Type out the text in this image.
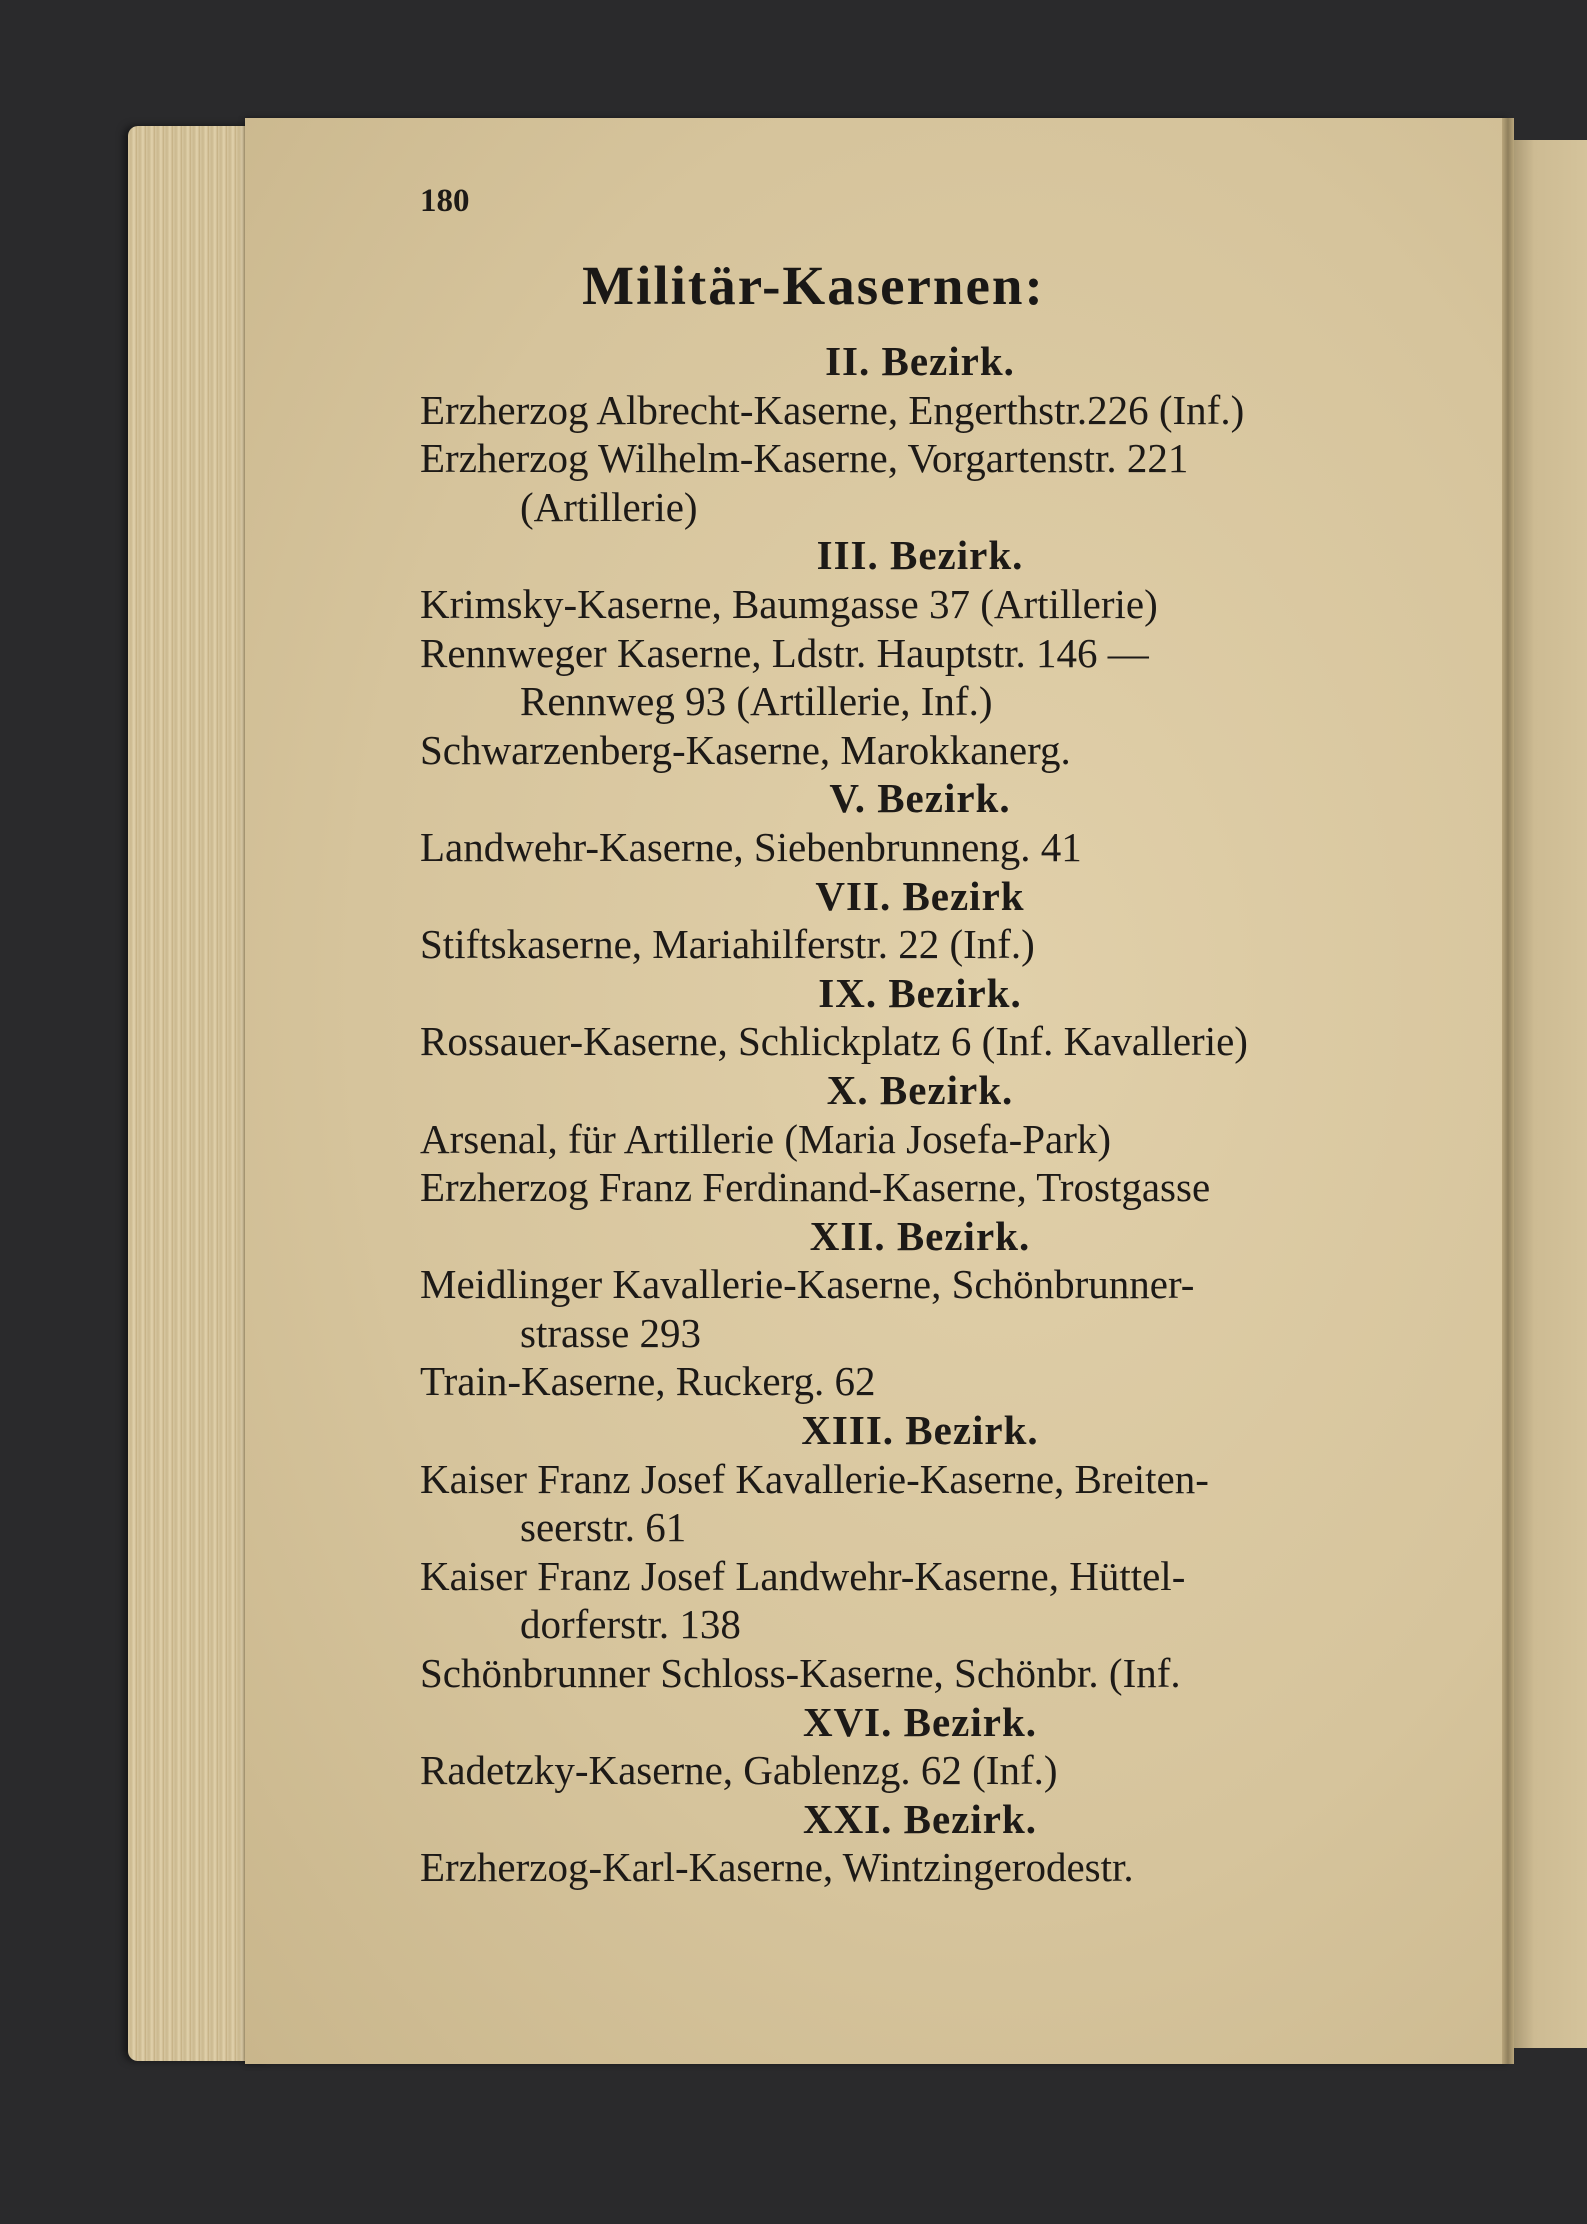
180
Militär-Kasernen:
II. Bezirk.
Erzherzog Albrecht-Kaserne, Engerthstr.226 (Inf.)
Erzherzog Wilhelm-Kaserne, Vorgartenstr. 221
(Artillerie)
III. Bezirk.
Krimsky-Kaserne, Baumgasse 37 (Artillerie)
Rennweger Kaserne, Ldstr. Hauptstr. 146 —
Rennweg 93 (Artillerie, Inf.)
Schwarzenberg-Kaserne, Marokkanerg.
V. Bezirk.
Landwehr-Kaserne, Siebenbrunneng. 41
VII. Bezirk
Stiftskaserne, Mariahilferstr. 22 (Inf.)
IX. Bezirk.
Rossauer-Kaserne, Schlickplatz 6 (Inf. Kavallerie)
X. Bezirk.
Arsenal, für Artillerie (Maria Josefa-Park)
Erzherzog Franz Ferdinand-Kaserne, Trostgasse
XII. Bezirk.
Meidlinger Kavallerie-Kaserne, Schönbrunner-
strasse 293
Train-Kaserne, Ruckerg. 62
XIII. Bezirk.
Kaiser Franz Josef Kavallerie-Kaserne, Breiten-
seerstr. 61
Kaiser Franz Josef Landwehr-Kaserne, Hüttel-
dorferstr. 138
Schönbrunner Schloss-Kaserne, Schönbr. (Inf.
XVI. Bezirk.
Radetzky-Kaserne, Gablenzg. 62 (Inf.)
XXI. Bezirk.
Erzherzog-Karl-Kaserne, Wintzingerodestr.
